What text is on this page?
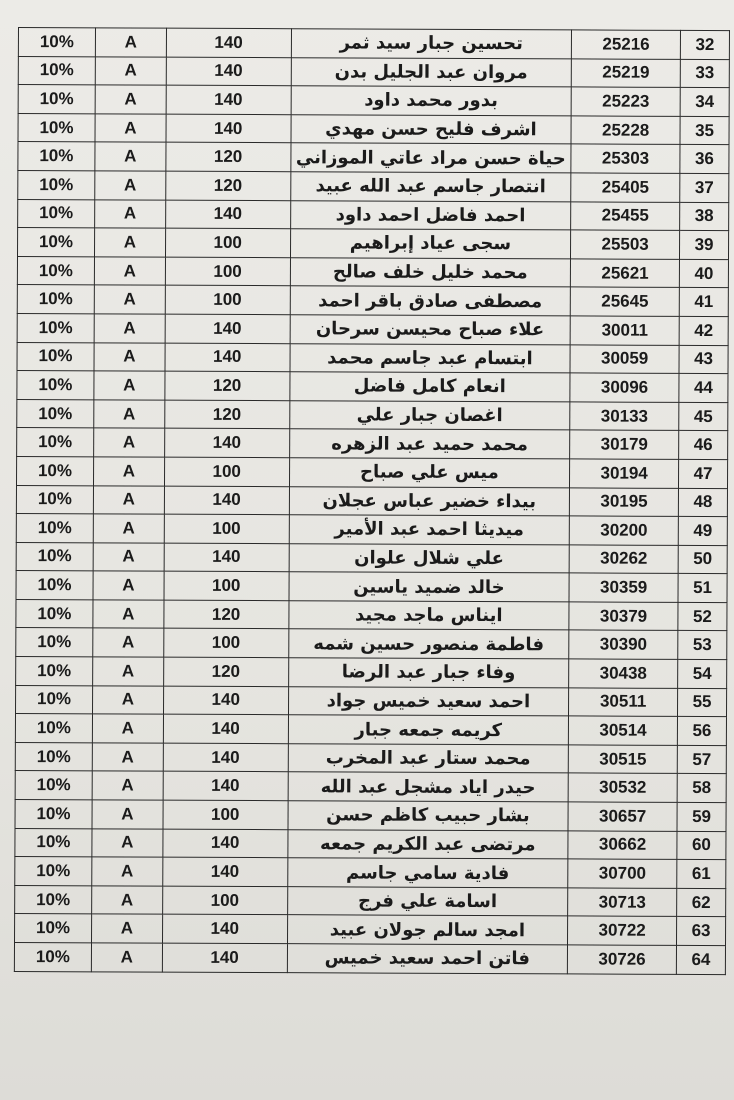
10%	A	140	تحسين جبار سيد ثمر	25216	32
10%	A	140	مروان عبد الجليل بدن	25219	33
10%	A	140	بدور محمد داود	25223	34
10%	A	140	اشرف فليح حسن مهدي	25228	35
10%	A	120	حياة حسن مراد عاتي الموزاني	25303	36
10%	A	120	انتصار جاسم عبد الله عبيد	25405	37
10%	A	140	احمد فاضل احمد داود	25455	38
10%	A	100	سجى عياد إبراهيم	25503	39
10%	A	100	محمد خليل خلف صالح	25621	40
10%	A	100	مصطفى صادق باقر احمد	25645	41
10%	A	140	علاء صباح محيسن سرحان	30011	42
10%	A	140	ابتسام عبد جاسم محمد	30059	43
10%	A	120	انعام كامل فاضل	30096	44
10%	A	120	اغصان جبار علي	30133	45
10%	A	140	محمد حميد عبد الزهره	30179	46
10%	A	100	ميس علي صباح	30194	47
10%	A	140	بيداء خضير عباس عجلان	30195	48
10%	A	100	ميديثا احمد عبد الأمير	30200	49
10%	A	140	علي شلال علوان	30262	50
10%	A	100	خالد ضميد ياسين	30359	51
10%	A	120	ايناس ماجد مجيد	30379	52
10%	A	100	فاطمة منصور حسين شمه	30390	53
10%	A	120	وفاء جبار عبد الرضا	30438	54
10%	A	140	احمد سعيد خميس جواد	30511	55
10%	A	140	كريمه جمعه جبار	30514	56
10%	A	140	محمد ستار عبد المخرب	30515	57
10%	A	140	حيدر اياد مشجل عبد الله	30532	58
10%	A	100	بشار حبيب كاظم حسن	30657	59
10%	A	140	مرتضى عبد الكريم جمعه	30662	60
10%	A	140	فادية سامي جاسم	30700	61
10%	A	100	اسامة علي فرج	30713	62
10%	A	140	امجد سالم جولان عبيد	30722	63
10%	A	140	فاتن احمد سعيد خميس	30726	64
